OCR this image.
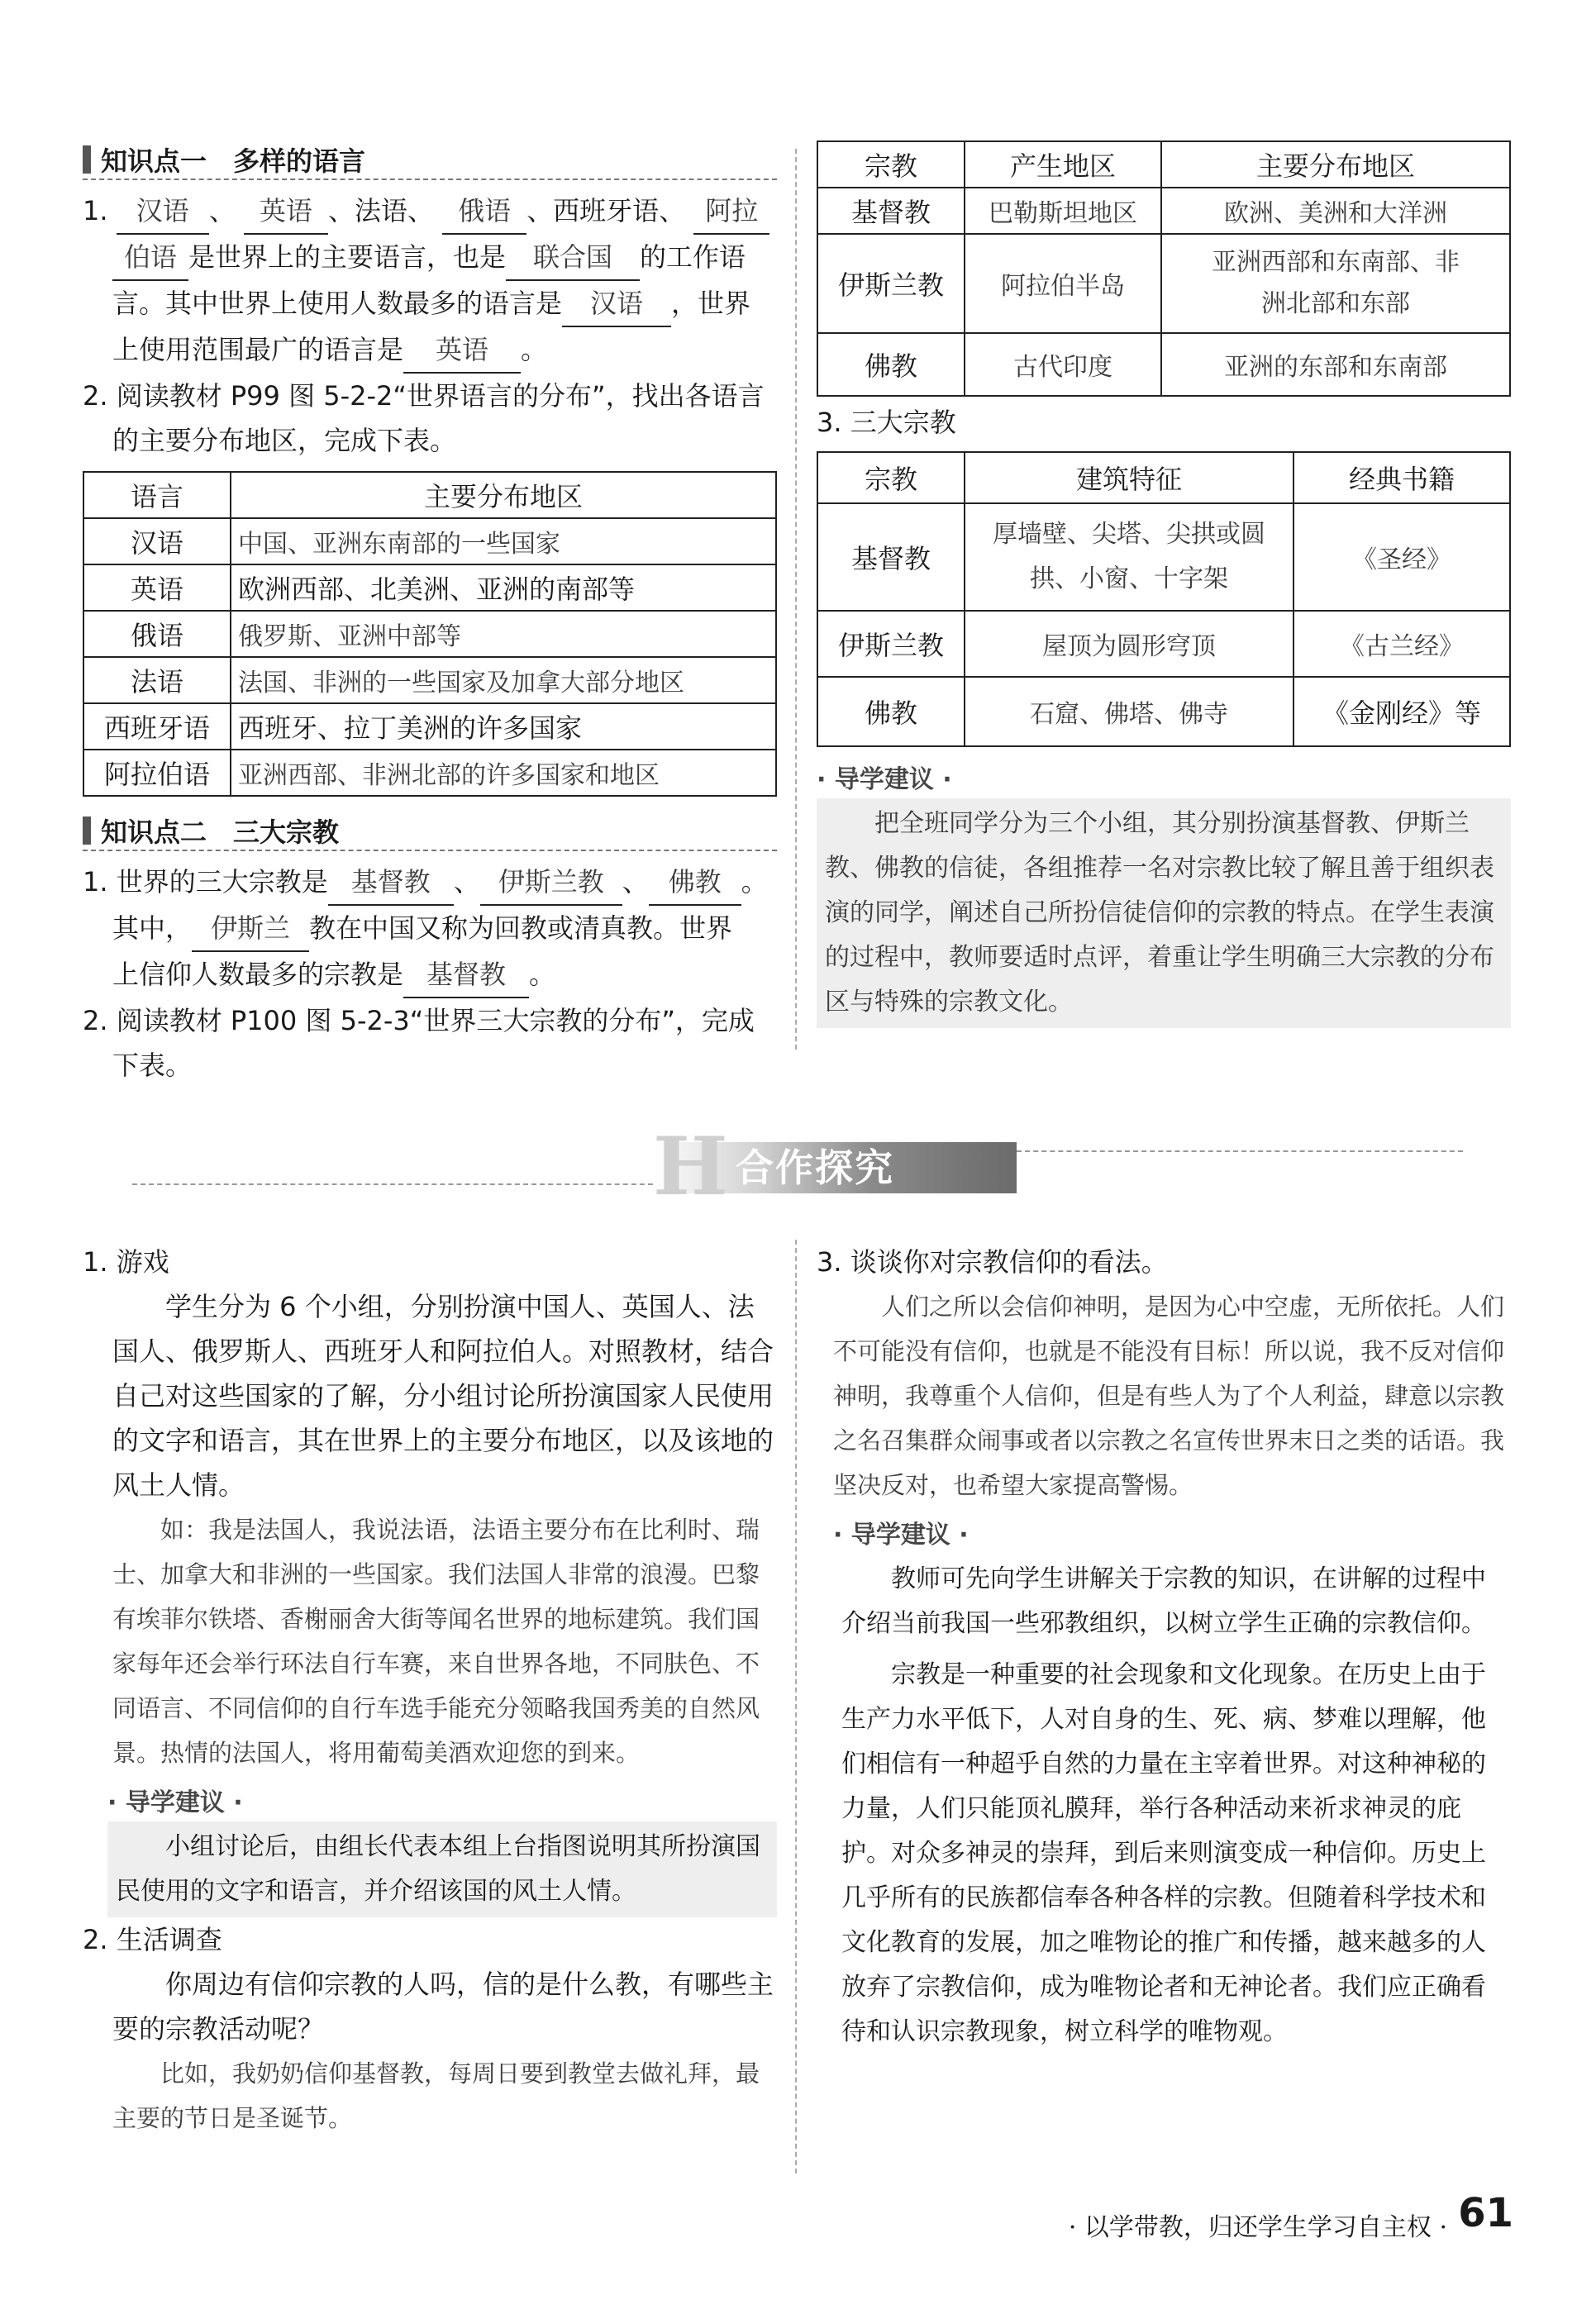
知识点一　多样的语言

1. 汉语 、 英语 、法语、 俄语 、西班牙语、 阿拉

伯语 是世界上的主要语言，也是 联合国 的工作语

言。其中世界上使用人数最多的语言是 汉语 ，世界

上使用范围最广的语言是 英语 。

2. 阅读教材 P99 图 5-2-2“世界语言的分布”，找出各语言

的主要分布地区，完成下表。

语言	主要分布地区
汉语	中国、亚洲东南部的一些国家
英语	欧洲西部、北美洲、亚洲的南部等
俄语	俄罗斯、亚洲中部等
法语	法国、非洲的一些国家及加拿大部分地区
西班牙语	西班牙、拉丁美洲的许多国家
阿拉伯语	亚洲西部、非洲北部的许多国家和地区
知识点二　三大宗教

1. 世界的三大宗教是 基督教 、 伊斯兰教 、 佛教 。

其中， 伊斯兰 教在中国又称为回教或清真教。世界

上信仰人数最多的宗教是 基督教 。

2. 阅读教材 P100 图 5-2-3“世界三大宗教的分布”，完成

下表。

宗教	产生地区	主要分布地区
基督教	巴勒斯坦地区	欧洲、美洲和大洋洲
伊斯兰教	阿拉伯半岛	亚洲西部和东南部、非洲北部和东部
佛教	古代印度	亚洲的东部和东南部

3. 三大宗教

宗教	建筑特征	经典书籍
基督教	厚墙壁、尖塔、尖拱或圆拱、小窗、十字架	《圣经》
伊斯兰教	屋顶为圆形穹顶	《古兰经》
佛教	石窟、佛塔、佛寺	《金刚经》等
· 导学建议 ·
把全班同学分为三个小组，其分别扮演基督教、伊斯兰教、佛教的信徒，各组推荐一名对宗教比较了解且善于组织表演的同学，阐述自己所扮信徒信仰的宗教的特点。在学生表演的过程中，教师要适时点评，着重让学生明确三大宗教的分布区与特殊的宗教文化。
H 合作探究

1. 游戏

学生分为 6 个小组，分别扮演中国人、英国人、法国人、俄罗斯人、西班牙人和阿拉伯人。对照教材，结合自己对这些国家的了解，分小组讨论所扮演国家人民使用的文字和语言，其在世界上的主要分布地区，以及该地的风土人情。

如：我是法国人，我说法语，法语主要分布在比利时、瑞士、加拿大和非洲的一些国家。我们法国人非常的浪漫。巴黎有埃菲尔铁塔、香榭丽舍大街等闻名世界的地标建筑。我们国家每年还会举行环法自行车赛，来自世界各地，不同肤色、不同语言、不同信仰的自行车选手能充分领略我国秀美的自然风景。热情的法国人，将用葡萄美酒欢迎您的到来。

· 导学建议 ·
小组讨论后，由组长代表本组上台指图说明其所扮演国民使用的文字和语言，并介绍该国的风土人情。

2. 生活调查

你周边有信仰宗教的人吗，信的是什么教，有哪些主要的宗教活动呢？

比如，我奶奶信仰基督教，每周日要到教堂去做礼拜，最主要的节日是圣诞节。

3. 谈谈你对宗教信仰的看法。

人们之所以会信仰神明，是因为心中空虚，无所依托。人们不可能没有信仰，也就是不能没有目标！所以说，我不反对信仰神明，我尊重个人信仰，但是有些人为了个人利益，肆意以宗教之名召集群众闹事或者以宗教之名宣传世界末日之类的话语。我坚决反对，也希望大家提高警惕。

· 导学建议 ·
教师可先向学生讲解关于宗教的知识，在讲解的过程中介绍当前我国一些邪教组织，以树立学生正确的宗教信仰。
宗教是一种重要的社会现象和文化现象。在历史上由于生产力水平低下，人对自身的生、死、病、梦难以理解，他们相信有一种超乎自然的力量在主宰着世界。对这种神秘的力量，人们只能顶礼膜拜，举行各种活动来祈求神灵的庇护。对众多神灵的崇拜，到后来则演变成一种信仰。历史上几乎所有的民族都信奉各种各样的宗教。但随着科学技术和文化教育的发展，加之唯物论的推广和传播，越来越多的人放弃了宗教信仰，成为唯物论者和无神论者。我们应正确看待和认识宗教现象，树立科学的唯物观。
· 以学带教，归还学生学习自主权 · 61
